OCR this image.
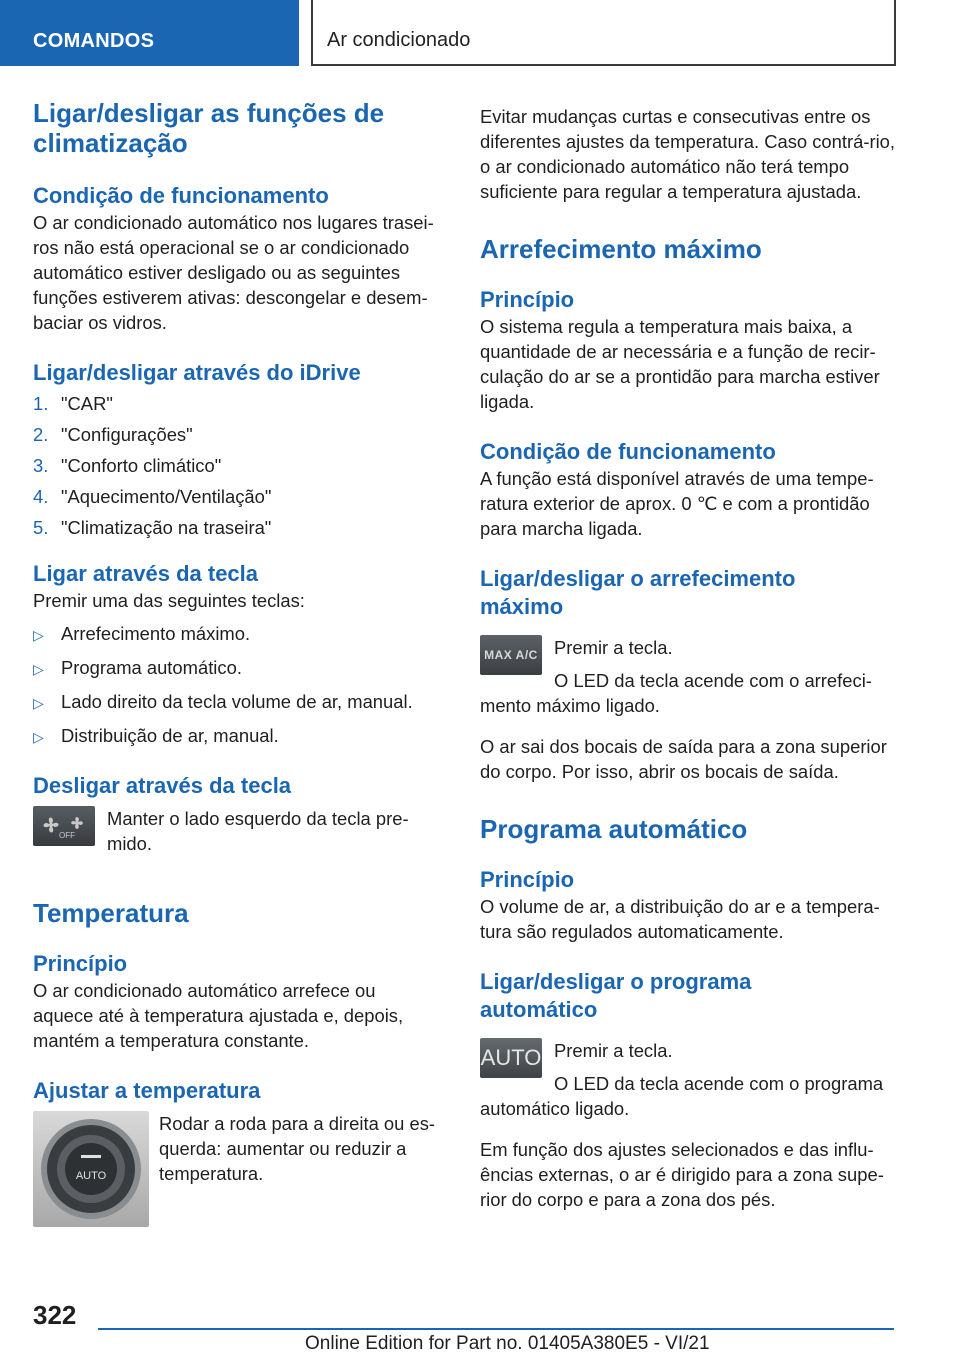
COMANDOS	Ar condicionado
Ligar/desligar as funções de climatização
Condição de funcionamento
O ar condicionado automático nos lugares trasei-ros não está operacional se o ar condicionado automático estiver desligado ou as seguintes funções estiverem ativas: descongelar e desem-baciar os vidros.
Ligar/desligar através do iDrive
1. "CAR"
2. "Configurações"
3. "Conforto climático"
4. "Aquecimento/Ventilação"
5. "Climatização na traseira"
Ligar através da tecla
Premir uma das seguintes teclas:
▷ Arrefecimento máximo.
▷ Programa automático.
▷ Lado direito da tecla volume de ar, manual.
▷ Distribuição de ar, manual.
Desligar através da tecla
OFF
Manter o lado esquerdo da tecla pre-mido.
Temperatura
Princípio
O ar condicionado automático arrefece ou aquece até à temperatura ajustada e, depois, mantém a temperatura constante.
Ajustar a temperatura
AUTO
Rodar a roda para a direita ou es-querda: aumentar ou reduzir a temperatura.
Evitar mudanças curtas e consecutivas entre os diferentes ajustes da temperatura. Caso contrá-rio, o ar condicionado automático não terá tempo suficiente para regular a temperatura ajustada.
Arrefecimento máximo
Princípio
O sistema regula a temperatura mais baixa, a quantidade de ar necessária e a função de recir-culação do ar se a prontidão para marcha estiver ligada.
Condição de funcionamento
A função está disponível através de uma tempe-ratura exterior de aprox. 0 ℃ e com a prontidão para marcha ligada.
Ligar/desligar o arrefecimento máximo
MAX A/C Premir a tecla.
O LED da tecla acende com o arrefeci-
mento máximo ligado.
O ar sai dos bocais de saída para a zona superior do corpo. Por isso, abrir os bocais de saída.
Programa automático
Princípio
O volume de ar, a distribuição do ar e a tempera-tura são regulados automaticamente.
Ligar/desligar o programa automático
AUTO Premir a tecla.
O LED da tecla acende com o programa
automático ligado.
Em função dos ajustes selecionados e das influ-ências externas, o ar é dirigido para a zona supe-rior do corpo e para a zona dos pés.
322
Online Edition for Part no. 01405A380E5 - VI/21
